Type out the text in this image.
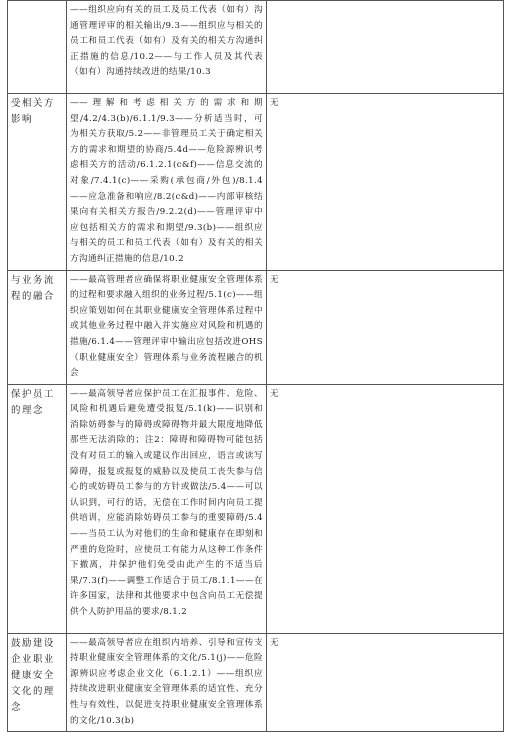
	——组织应向有关的员工及员工代表（如有）沟通管理评审的相关输出/9.3——组织应与相关的员工和员工代表（如有）及有关的相关方沟通纠正措施的信息/10.2——与工作人员及其代表（如有）沟通持续改进的结果/10.3	
受相关方影响	——理解和考虑相关方的需求和期望/4.2/4.3(b)/6.1.1/9.3——分析适当时，可为相关方获取/5.2——非管理员工关于确定相关方的需求和期望的协商/5.4d——危险源辨识考虑相关方的活动/6.1.2.1(c&f)——信息交流的对象/7.4.1(c)——采购(承包商/外包)/8.1.4——应急准备和响应/8.2(c&d)——内部审核结果向有关相关方报告/9.2.2(d)——管理评审中应包括相关方的需求和期望/9.3(b)——组织应与相关的员工和员工代表（如有）及有关的相关方沟通纠正措施的信息/10.2	无
与业务流程的融合	——最高管理者应确保将职业健康安全管理体系的过程和要求融入组织的业务过程/5.1(c)——组织应策划如何在其职业健康安全管理体系过程中或其他业务过程中融入并实施应对风险和机遇的措施/6.1.4——管理评审中输出应包括改进OHS（职业健康安全）管理体系与业务流程融合的机会	无
保护员工的理念	——最高领导者应保护员工在汇报事件、危险、风险和机遇后避免遭受报复/5.1(k)——识别和消除妨碍参与的障碍或障碍物并最大限度地降低那些无法消除的；注2：障碍和障碍物可能包括没有对员工的输入或建议作出回应，语言或读写障碍，报复或报复的威胁以及使员工丧失参与信心的或妨碍员工参与的方针或做法/5.4——可以认识到，可行的话，无偿在工作时间内向员工提供培训，应能消除妨碍员工参与的重要障碍/5.4——当员工认为对他们的生命和健康存在即刻和严重的危险时，应使员工有能力从这种工作条件下撤离，并保护他们免受由此产生的不适当后果/7.3(f)——调整工作适合于员工/8.1.1——在许多国家，法律和其他要求中包含向员工无偿提供个人防护用品的要求/8.1.2	无
鼓励建设企业职业健康安全文化的理念	——最高领导者应在组织内培养、引导和宣传支持职业健康安全管理体系的文化/5.1(j)——危险源辨识应考虑企业文化（6.1.2.1）——组织应持续改进职业健康安全管理体系的适宜性、充分性与有效性，以促进支持职业健康安全管理体系的文化/10.3(b)	无
